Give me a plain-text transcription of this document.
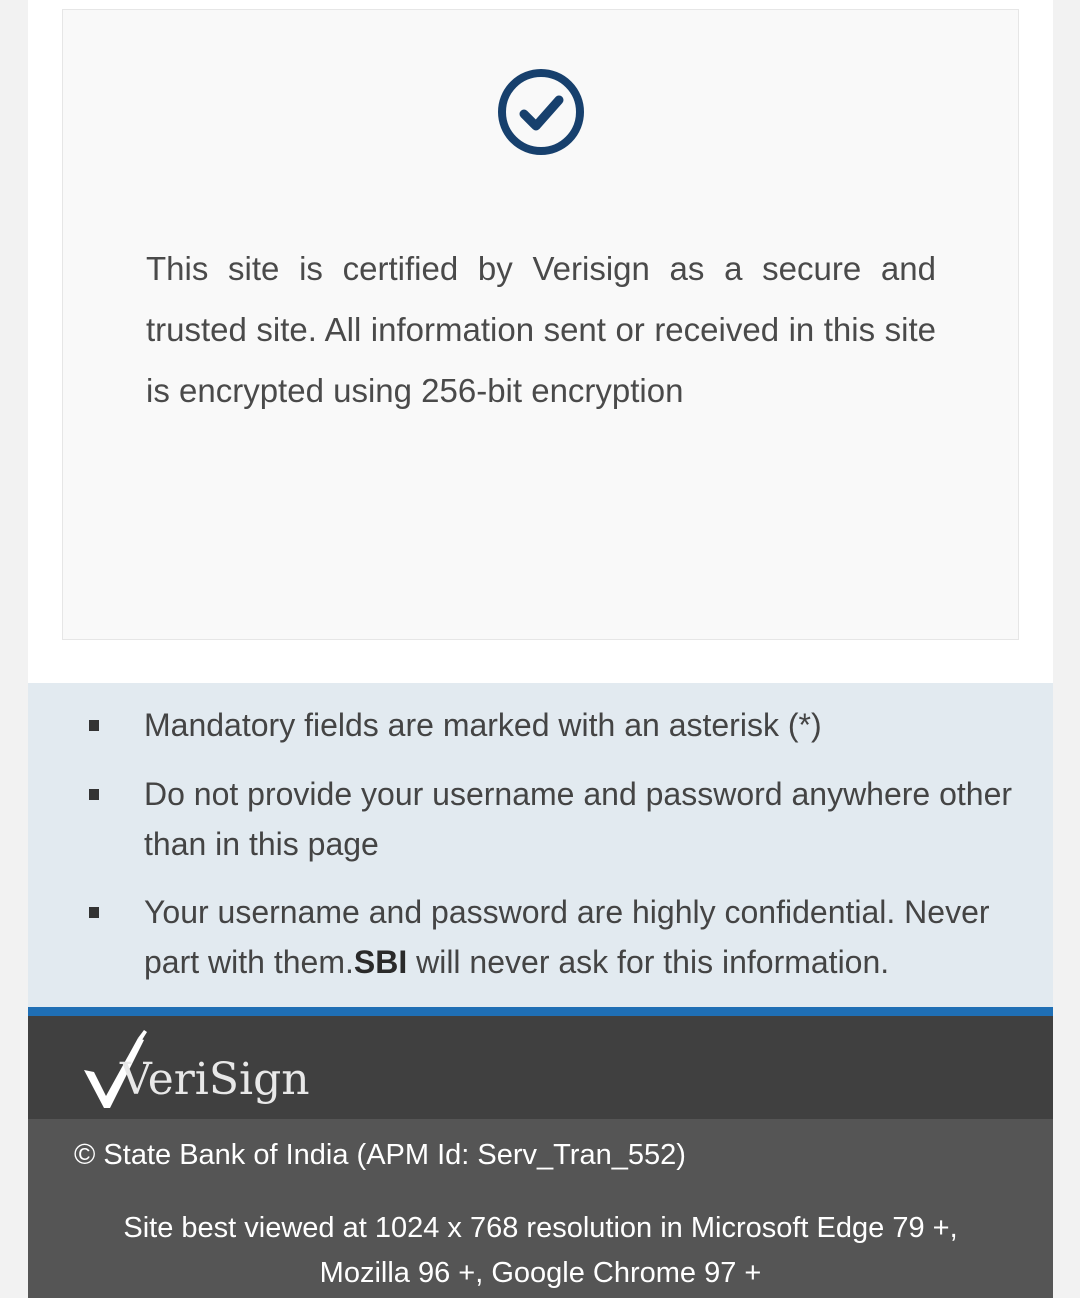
This site is certified by Verisign as a secure and trusted site. All information sent or received in this site is encrypted using 256-bit encryption

Mandatory fields are marked with an asterisk (*)
Do not provide your username and password anywhere other than in this page
Your username and password are highly confidential. Never part with them.SBI will never ask for this information.
VeriSign

© State Bank of India (APM Id: Serv_Tran_552)

Site best viewed at 1024 x 768 resolution in Microsoft Edge 79 +,
Mozilla 96 +, Google Chrome 97 +
